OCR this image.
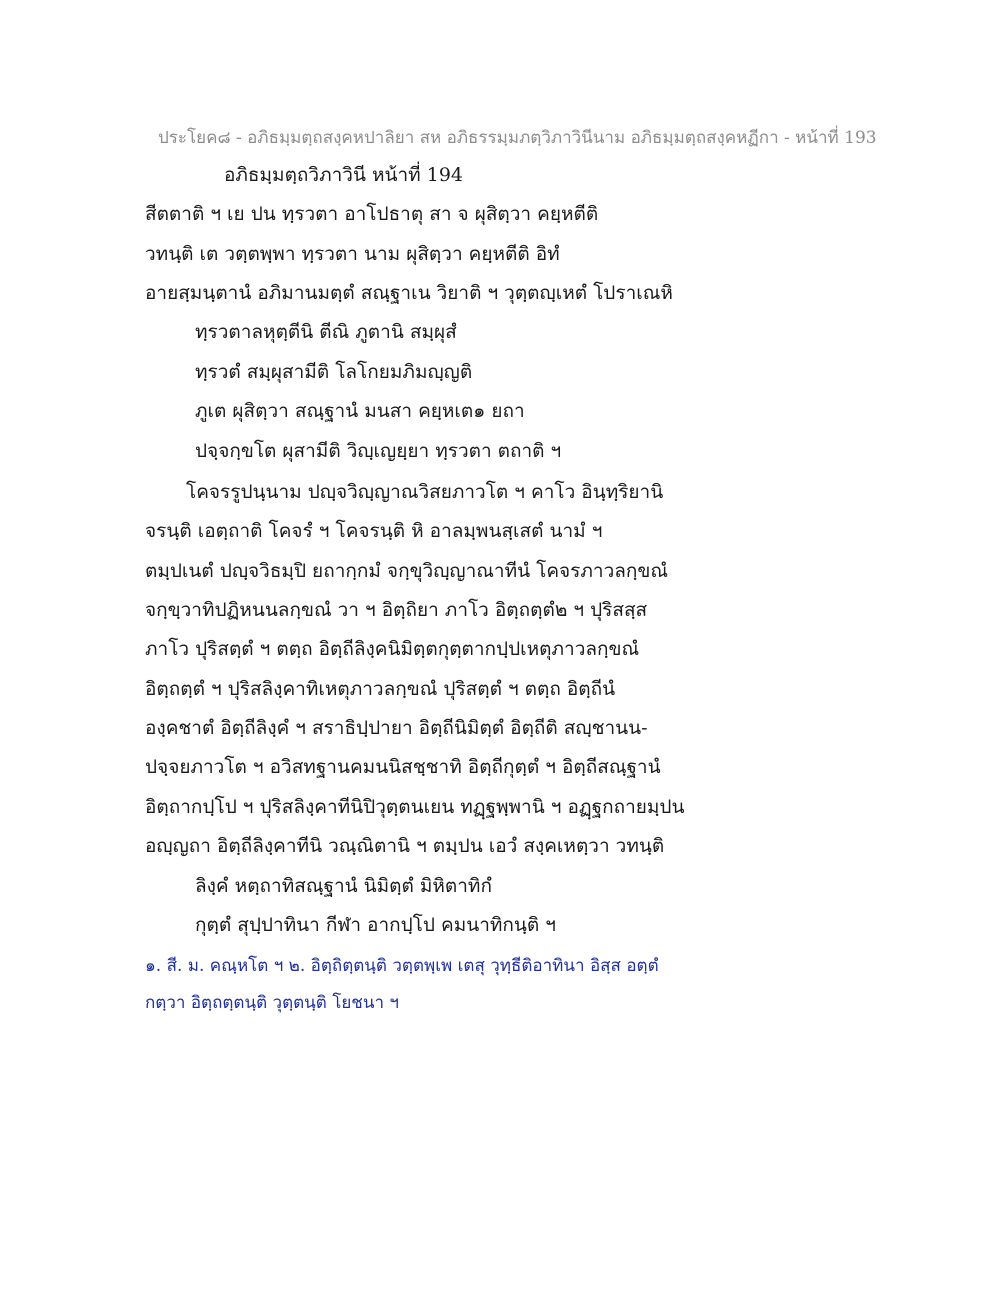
ประโยค๘ - อภิธมฺมตฺถสงฺคหปาลิยา สห อภิธรรมฺมภตฺวิภาวินีนาม อภิธมฺมตฺถสงฺคหฏีกา - หน้าที่ 193
อภิธมฺมตฺถวิภาวินี หน้าที่ 194
สีตตาติ ฯ เย ปน ทฺรวตา อาโปธาตุ สา จ ผุสิตฺวา คยฺหตีติ
วทนฺติ เต วตฺตพฺพา ทฺรวตา นาม ผุสิตฺวา คยฺหตีติ อิทํ
อายสฺมนฺตานํ อภิมานมตฺตํ สณฺฐาเน วิยาติ ฯ วุตฺตญฺเหตํ โปราเณหิ
ทฺรวตาลหุตฺตีนิ ตีณิ ภูตานิ สมฺผุสํ
ทฺรวตํ สมฺผุสามีติ โลโกยมภิมญฺญติ
ภูเต ผุสิตฺวา สณฺฐานํ มนสา คยฺหเต๑ ยถา
ปจฺจกฺขโต ผุสามีติ วิญฺเญยฺยา ทฺรวตา ตถาติ ฯ
โคจรรูปนฺนาม ปญฺจวิญฺญาณวิสยภาวโต ฯ คาโว อินฺทฺริยานิ
จรนฺติ เอตฺถาติ โคจรํ ฯ โคจรนฺติ หิ อาลมฺพนสฺเสตํ นามํ ฯ
ตมฺปเนตํ ปญฺจวิธมฺปิ ยถากฺกมํ จกฺขุวิญฺญาณาทีนํ โคจรภาวลกฺขณํ
จกฺขฺวาทิปฏิหนนลกฺขณํ วา ฯ อิตฺถิยา ภาโว อิตฺถตฺตํ๒ ฯ ปุริสสฺส
ภาโว ปุริสตฺตํ ฯ ตตฺถ อิตฺถีลิงฺคนิมิตฺตกุตฺตากปฺปเหตุภาวลกฺขณํ
อิตฺถตฺตํ ฯ ปุริสลิงฺคาทิเหตุภาวลกฺขณํ ปุริสตฺตํ ฯ ตตฺถ อิตฺถีนํ
องฺคชาตํ อิตฺถีลิงฺคํ ฯ สราธิปฺปายา อิตฺถีนิมิตฺตํ อิตฺถีติ สญฺชานน-
ปจฺจยภาวโต ฯ อวิสทฐานคมนนิสชฺชาทิ อิตฺถีกุตฺตํ ฯ อิตฺถีสณฺฐานํ
อิตฺถากปฺโป ฯ ปุริสลิงฺคาทีนิปิวุตฺตนเยน ทฏฺฐพฺพานิ ฯ อฏฺฐกถายมฺปน
อญฺญถา อิตฺถีลิงฺคาทีนิ วณฺณิตานิ ฯ ตมฺปน เอวํ สงฺคเหตฺวา วทนฺติ
ลิงฺคํ หตฺถาทิสณฺฐานํ นิมิตฺตํ มิหิตาทิกํ
กุตฺตํ สุปฺปาทินา กีฬา อากปฺโป คมนาทิกนฺติ ฯ
๑. สี. ม. คณฺหโต ฯ ๒. อิตฺถิตฺตนฺติ วตฺตพฺเพ เตสุ วุทฺธีติอาทินา อิสฺส อตฺตํ
กตฺวา อิตฺถตฺตนฺติ วุตฺตนฺติ โยชนา ฯ
